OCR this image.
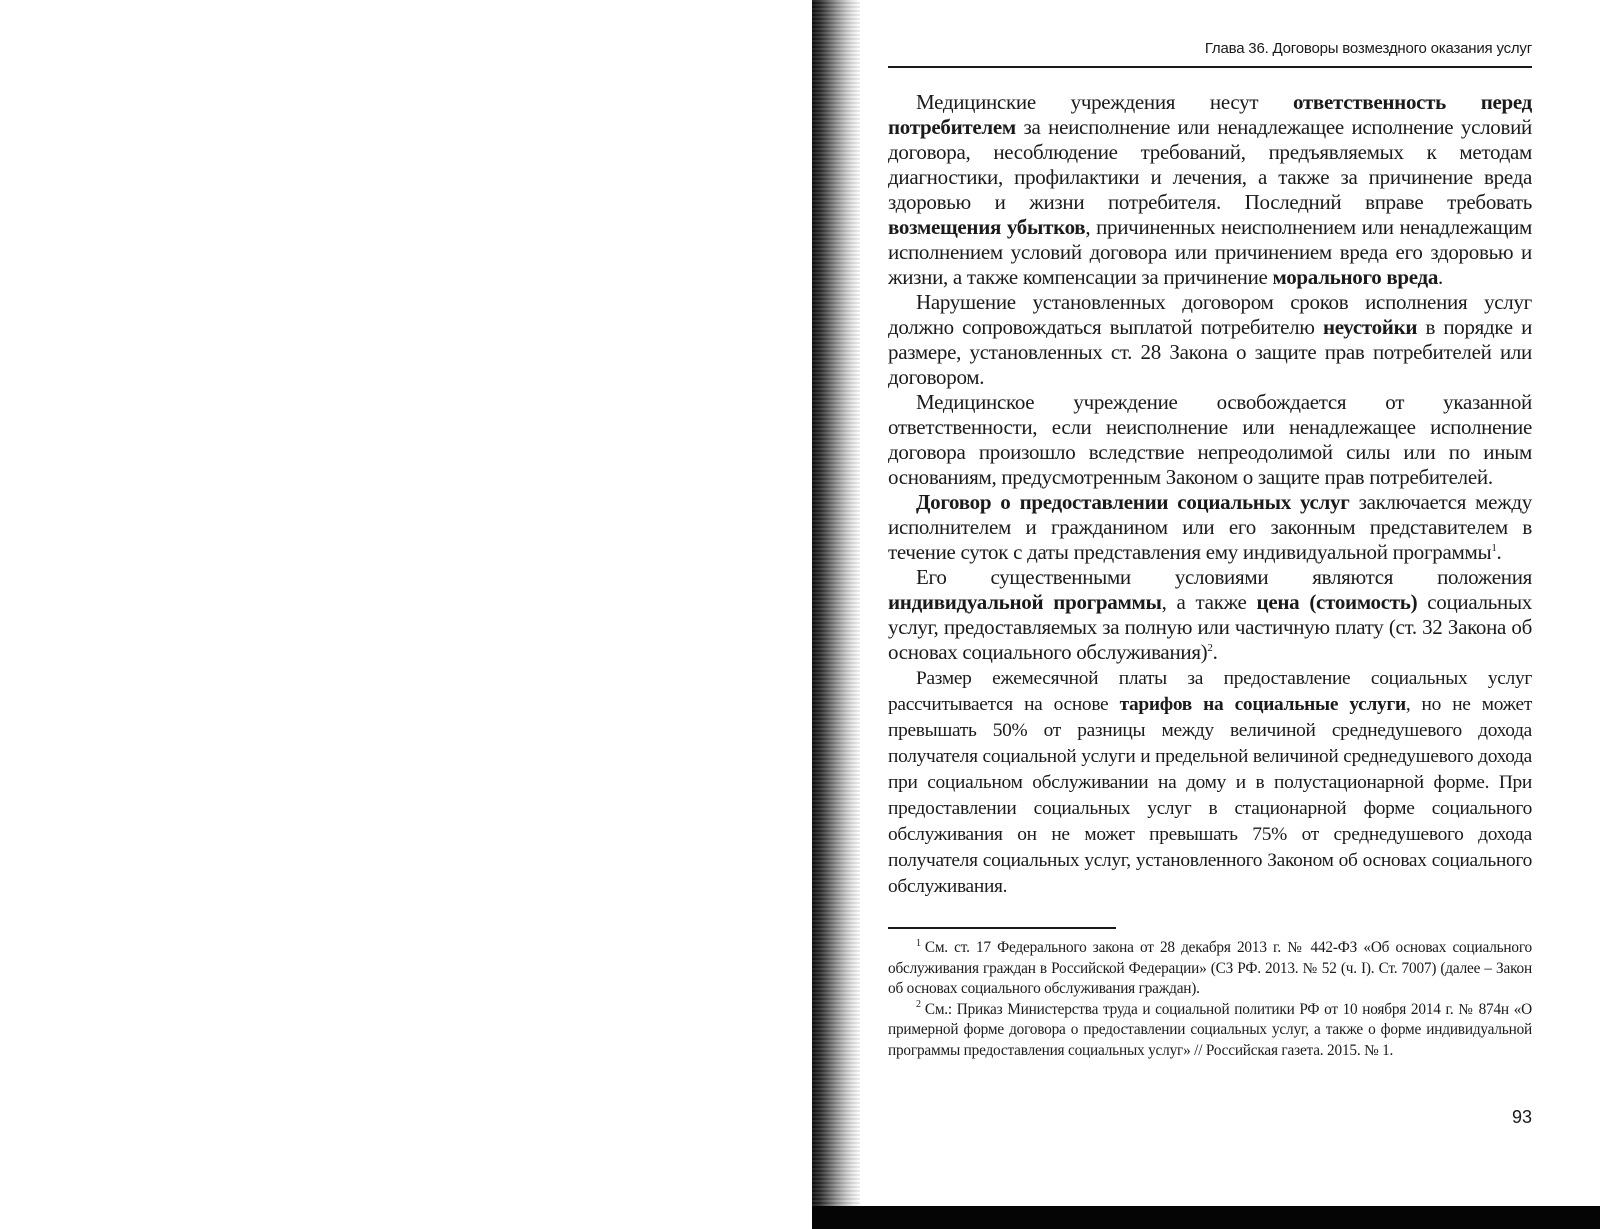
Глава 36. Договоры возмездного оказания услуг

Медицинские учреждения несут ответственность перед потребителем за неисполнение или ненадлежащее исполнение условий договора, несоблюдение требований, предъявляемых к методам диагностики, профилактики и лечения, а также за причинение вреда здоровью и жизни потребителя. Последний вправе требовать возмещения убытков, причиненных неисполнением или ненадлежащим исполнением условий договора или причинением вреда его здоровью и жизни, а также компенсации за причинение морального вреда.

Нарушение установленных договором сроков исполнения услуг должно сопровождаться выплатой потребителю неустойки в порядке и размере, установленных ст. 28 Закона о защите прав потребителей или договором.

Медицинское учреждение освобождается от указанной ответственности, если неисполнение или ненадлежащее исполнение договора произошло вследствие непреодолимой силы или по иным основаниям, предусмотренным Законом о защите прав потребителей.

Договор о предоставлении социальных услуг заключается между исполнителем и гражданином или его законным представителем в течение суток с даты представления ему индивидуальной программы$^1$.

Его существенными условиями являются положения индивидуальной программы, а также цена (стоимость) социальных услуг, предоставляемых за полную или частичную плату (ст. 32 Закона об основах социального обслуживания)$^2$.

Размер ежемесячной платы за предоставление социальных услуг рассчитывается на основе тарифов на социальные услуги, но не может превышать 50% от разницы между величиной среднедушевого дохода получателя социальной услуги и предельной величиной среднедушевого дохода при социальном обслуживании на дому и в полустационарной форме. При предоставлении социальных услуг в стационарной форме социального обслуживания он не может превышать 75% от среднедушевого дохода получателя социальных услуг, установленного Законом об основах социального обслуживания.

$^1$ См. ст. 17 Федерального закона от 28 декабря 2013 г. № 442-ФЗ «Об основах социального обслуживания граждан в Российской Федерации» (СЗ РФ. 2013. № 52 (ч. I). Ст. 7007) (далее – Закон об основах социального обслуживания граждан).

$^2$ См.: Приказ Министерства труда и социальной политики РФ от 10 ноября 2014 г. № 874н «О примерной форме договора о предоставлении социальных услуг, а также о форме индивидуальной программы предоставления социальных услуг» // Российская газета. 2015. № 1.

93
